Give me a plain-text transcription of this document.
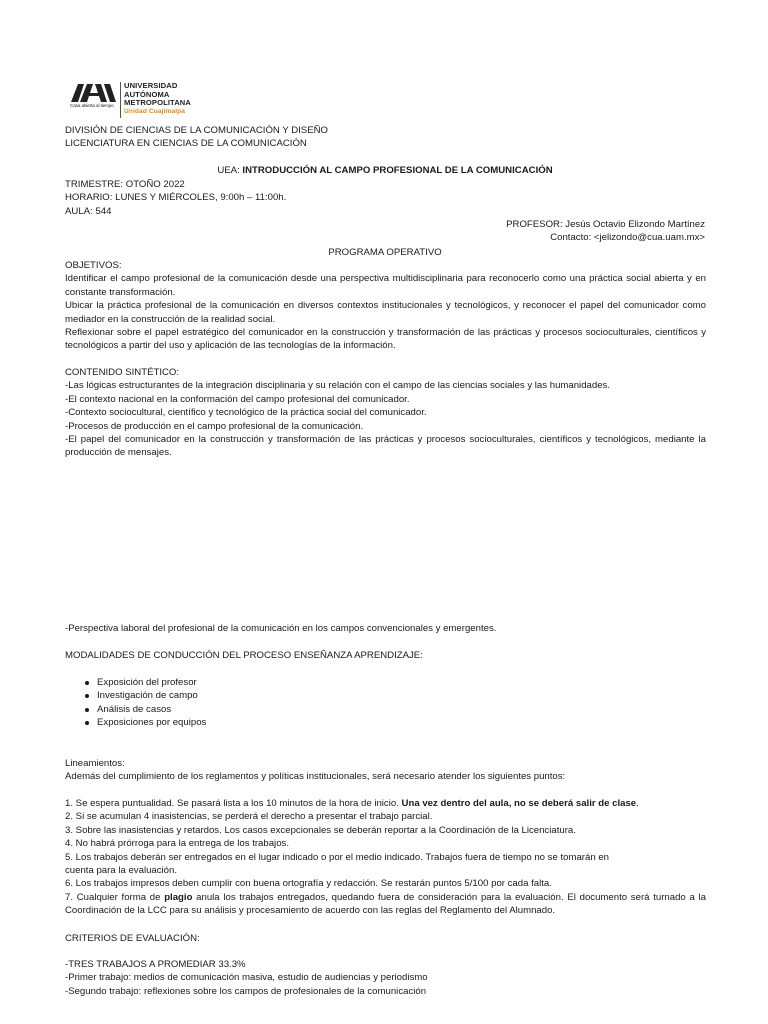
Casa abierta al tiempo
UNIVERSIDAD
AUTÓNOMA
METROPOLITANA
Unidad Cuajimalpa

DIVISIÓN DE CIENCIAS DE LA COMUNICACIÓN Y DISEÑO

LICENCIATURA EN CIENCIAS DE LA COMUNICACIÓN

UEA: INTRODUCCIÓN AL CAMPO PROFESIONAL DE LA COMUNICACIÓN

TRIMESTRE: OTOÑO 2022

HORARIO: LUNES Y MIÉRCOLES, 9:00h – 11:00h.

AULA: 544

PROFESOR: Jesús Octavio Elizondo Martínez

Contacto: <jelizondo@cua.uam.mx>

PROGRAMA OPERATIVO

OBJETIVOS:

Identificar el campo profesional de la comunicación desde una perspectiva multidisciplinaria para reconocerlo como una práctica social abierta y en constante transformación.

Ubicar la práctica profesional de la comunicación en diversos contextos institucionales y tecnológicos, y reconocer el papel del comunicador como mediador en la construcción de la realidad social.

Reflexionar sobre el papel estratégico del comunicador en la construcción y transformación de las prácticas y procesos socioculturales, científicos y tecnológicos a partir del uso y aplicación de las tecnologías de la información.

CONTENIDO SINTÉTICO:

-Las lógicas estructurantes de la integración disciplinaria y su relación con el campo de las ciencias sociales y las humanidades.

-El contexto nacional en la conformación del campo profesional del comunicador.

-Contexto sociocultural, científico y tecnológico de la práctica social del comunicador.

-Procesos de producción en el campo profesional de la comunicación.

-El papel del comunicador en la construcción y transformación de las prácticas y procesos socioculturales, científicos y tecnológicos, mediante la producción de mensajes.

-Perspectiva laboral del profesional de la comunicación en los campos convencionales y emergentes.
MODALIDADES DE CONDUCCIÓN DEL PROCESO ENSEÑANZA APRENDIZAJE:
Exposición del profesor
Investigación de campo
Análisis de casos
Exposiciones por equipos

Lineamientos:

Además del cumplimiento de los reglamentos y políticas institucionales, será necesario atender los siguientes puntos:

1. Se espera puntualidad. Se pasará lista a los 10 minutos de la hora de inicio. Una vez dentro del aula, no se deberá salir de clase.

2. Si se acumulan 4 inasistencias, se perderá el derecho a presentar el trabajo parcial.

3. Sobre las inasistencias y retardos. Los casos excepcionales se deberán reportar a la Coordinación de la Licenciatura.

4. No habrá prórroga para la entrega de los trabajos.

5. Los trabajos deberán ser entregados en el lugar indicado o por el medio indicado. Trabajos fuera de tiempo no se tomarán en

cuenta para la evaluación.

6. Los trabajos impresos deben cumplir con buena ortografía y redacción. Se restarán puntos 5/100 por cada falta.

7. Cualquier forma de plagio anula los trabajos entregados, quedando fuera de consideración para la evaluación. El documento será turnado a la Coordinación de la LCC para su análisis y procesamiento de acuerdo con las reglas del Reglamento del Alumnado.

CRITERIOS DE EVALUACIÓN:

-TRES TRABAJOS A PROMEDIAR 33.3%

-Primer trabajo: medios de comunicación masiva, estudio de audiencias y periodismo

-Segundo trabajo: reflexiones sobre los campos de profesionales de la comunicación
